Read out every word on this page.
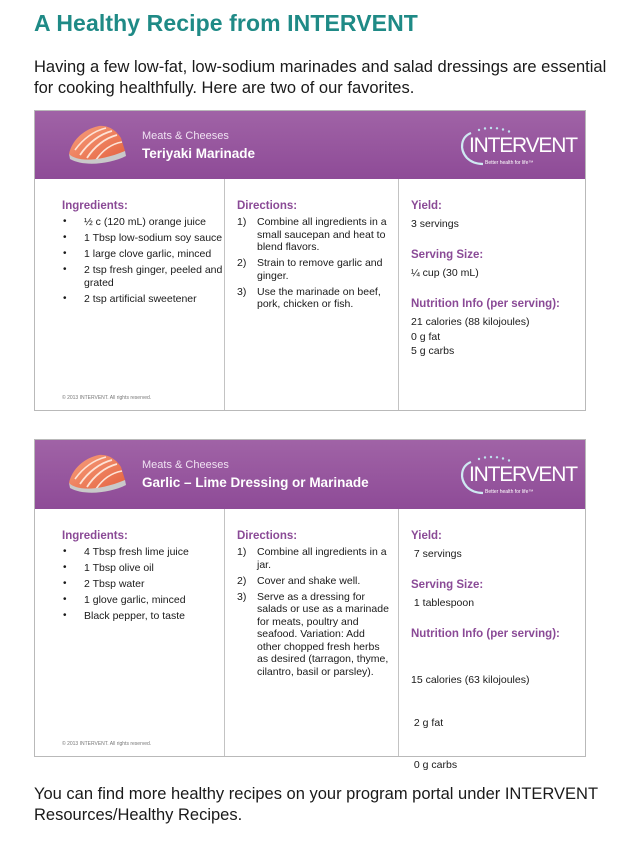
A Healthy Recipe from INTERVENT
Having a few low-fat, low-sodium marinades and salad dressings are essential for cooking healthfully. Here are two of our favorites.
Meats & Cheeses
Teriyaki Marinade	INTERVENT
Better health for life™
Ingredients:
• ½ c (120 mL) orange juice
• 1 Tbsp low-sodium soy sauce
• 1 large clove garlic, minced
• 2 tsp fresh ginger, peeled and grated
• 2 tsp artificial sweetener
© 2013 INTERVENT. All rights reserved.
Directions:
1)	Combine all ingredients in a small saucepan and heat to blend flavors.
2)	Strain to remove garlic and ginger.
3)	Use the marinade on beef, pork, chicken or fish.
Yield:
3 servings
Serving Size:
¼ cup (30 mL)
Nutrition Info (per serving):
21 calories (88 kilojoules)
0 g fat
5 g carbs
Meats & Cheeses
Garlic – Lime Dressing or Marinade	INTERVENT
Better health for life™
Ingredients:
• 4 Tbsp fresh lime juice
• 1 Tbsp olive oil
• 2 Tbsp water
• 1 glove garlic, minced
• Black pepper, to taste
© 2013 INTERVENT. All rights reserved.
Directions:
1)	Combine all ingredients in a jar.
2)	Cover and shake well.
3)	Serve as a dressing for salads or use as a marinade for meats, poultry and seafood. Variation: Add other chopped fresh herbs as desired (tarragon, thyme, cilantro, basil or parsley).
Yield:
7 servings
Serving Size:
1 tablespoon
Nutrition Info (per serving):

15 calories (63 kilojoules)

2 g fat

0 g carbs

You can find more healthy recipes on your program portal under INTERVENT Resources/Healthy Recipes.
